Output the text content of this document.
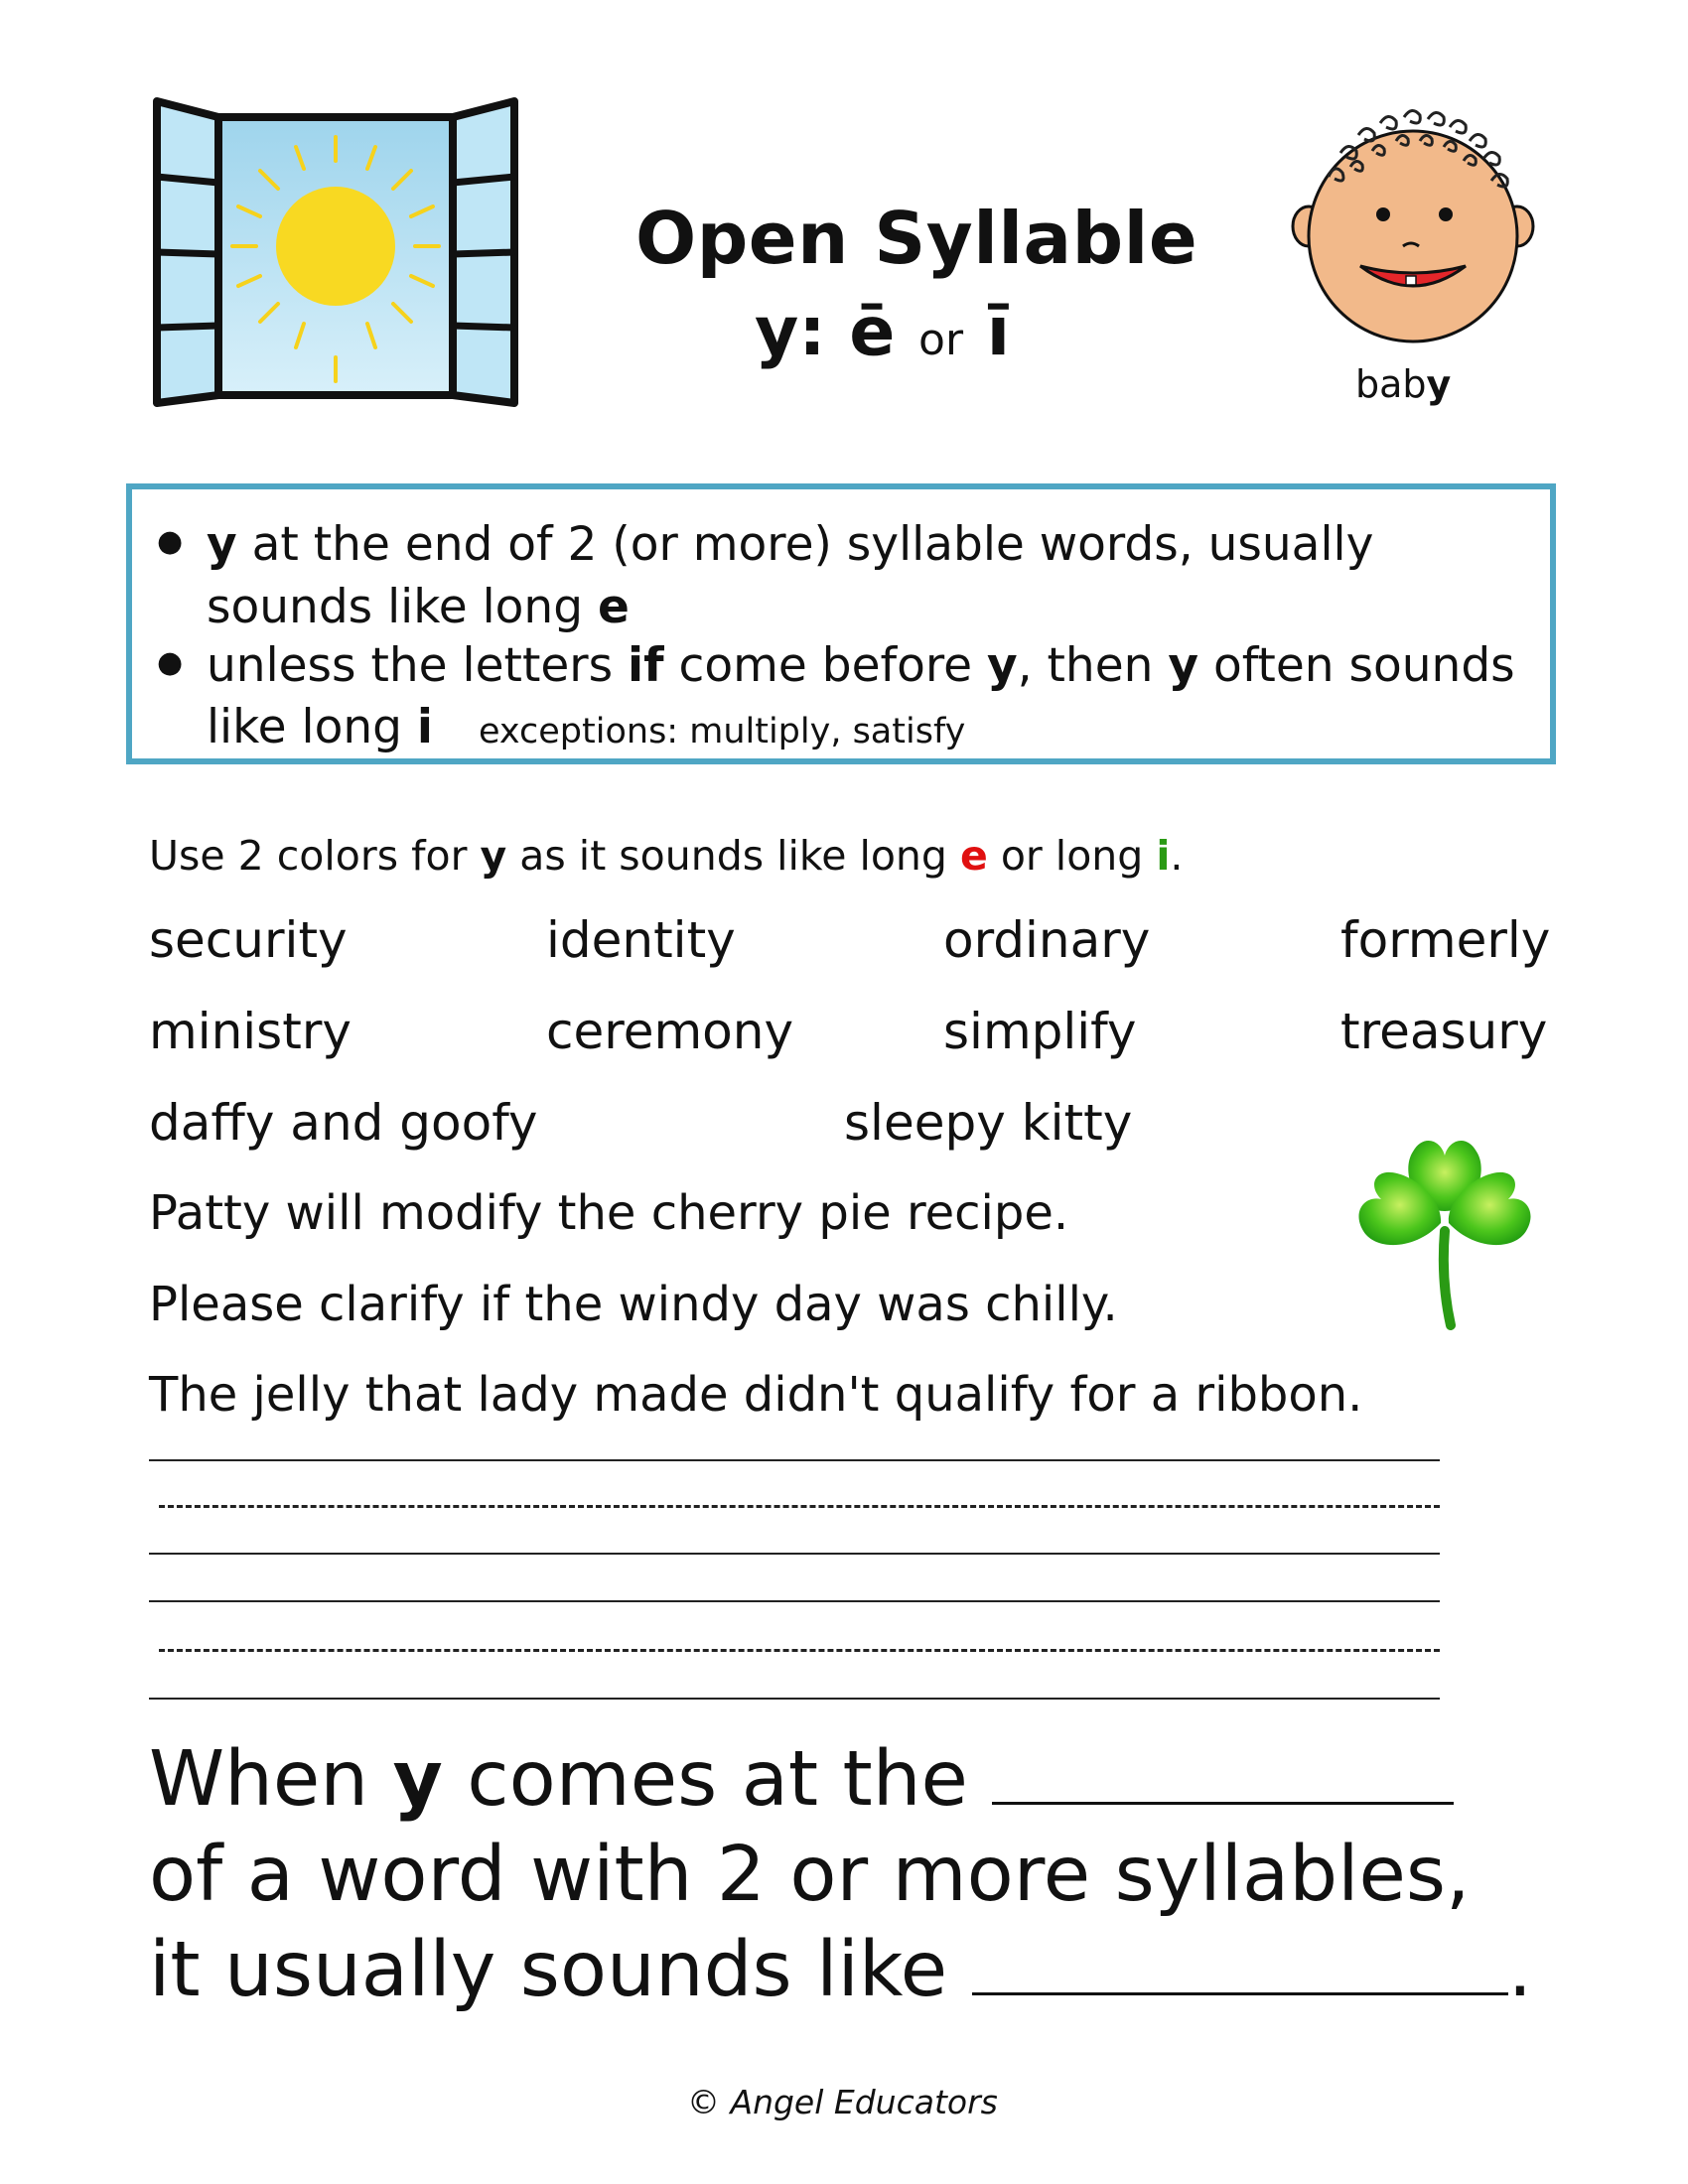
Open Syllable
y: ē or ī
baby
● y at the end of 2 (or more) syllable words, usually
sounds like long e
● unless the letters if come before y, then y often sounds
like long i exceptions: multiply, satisfy
Use 2 colors for y as it sounds like long e or long i.
security	identity	ordinary	formerly
ministry	ceremony	simplify	treasury
daffy and goofy	sleepy kitty
Patty will modify the cherry pie recipe.
Please clarify if the windy day was chilly.
The jelly that lady made didn't qualify for a ribbon.
When y comes at the
of a word with 2 or more syllables,
it usually sounds like	.
© Angel Educators
